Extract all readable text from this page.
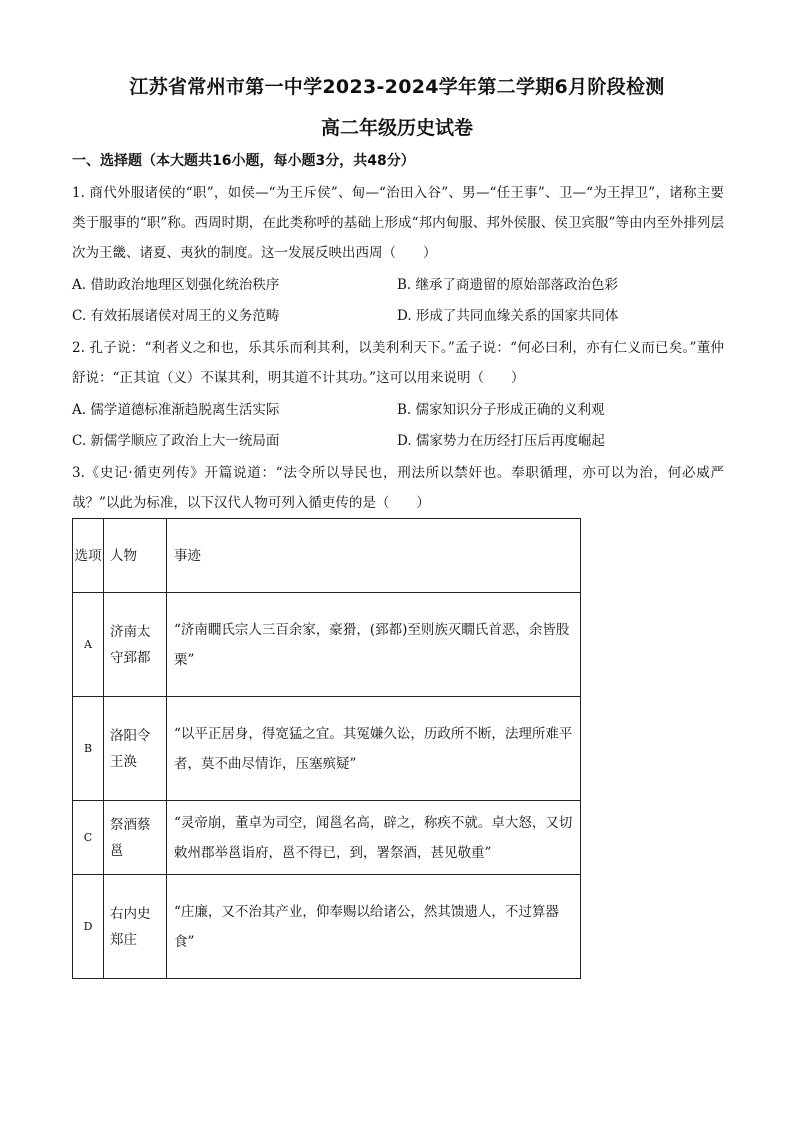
江苏省常州市第一中学2023-2024学年第二学期6月阶段检测
高二年级历史试卷
一、选择题（本大题共16小题，每小题3分，共48分）
1. 商代外服诸侯的“职”，如侯—“为王斥侯”、甸—“治田入谷”、男—“任王事”、卫—“为王捍卫”，诸称主要类于服事的“职”称。西周时期，在此类称呼的基础上形成“邦内甸服、邦外侯服、侯卫宾服”等由内至外排列层次为王畿、诸夏、夷狄的制度。这一发展反映出西周（　　）
A. 借助政治地理区划强化统治秩序	B. 继承了商遗留的原始部落政治色彩
C. 有效拓展诸侯对周王的义务范畴	D. 形成了共同血缘关系的国家共同体
2. 孔子说：“利者义之和也，乐其乐而利其利，以美利利天下。”孟子说：“何必曰利，亦有仁义而已矣。”董仲舒说：“正其谊（义）不谋其利，明其道不计其功。”这可以用来说明（　　）
A. 儒学道德标准渐趋脱离生活实际	B. 儒家知识分子形成正确的义利观
C. 新儒学顺应了政治上大一统局面	D. 儒家势力在历经打压后再度崛起
3.《史记·循吏列传》开篇说道：“法令所以导民也，刑法所以禁奸也。奉职循理，亦可以为治，何必威严哉？”以此为标准，以下汉代人物可列入循吏传的是（　　）
选项	人物	事迹
A	济南太守郅都	“济南瞯氏宗人三百余家，豪猾，(郅都)至则族灭瞯氏首恶，余皆股栗”
B	洛阳令王涣	“以平正居身，得宽猛之宜。其冤嫌久讼，历政所不断，法理所难平者，莫不曲尽情诈，压塞殡疑”
C	祭酒蔡邕	“灵帝崩，董卓为司空，闻邕名高，辟之，称疾不就。卓大怒，又切敕州郡举邕诣府，邕不得已，到，署祭酒，甚见敬重”
D	右内史郑庄	“庄廉，又不治其产业，仰奉赐以给诸公，然其馈遗人，不过算器食”
